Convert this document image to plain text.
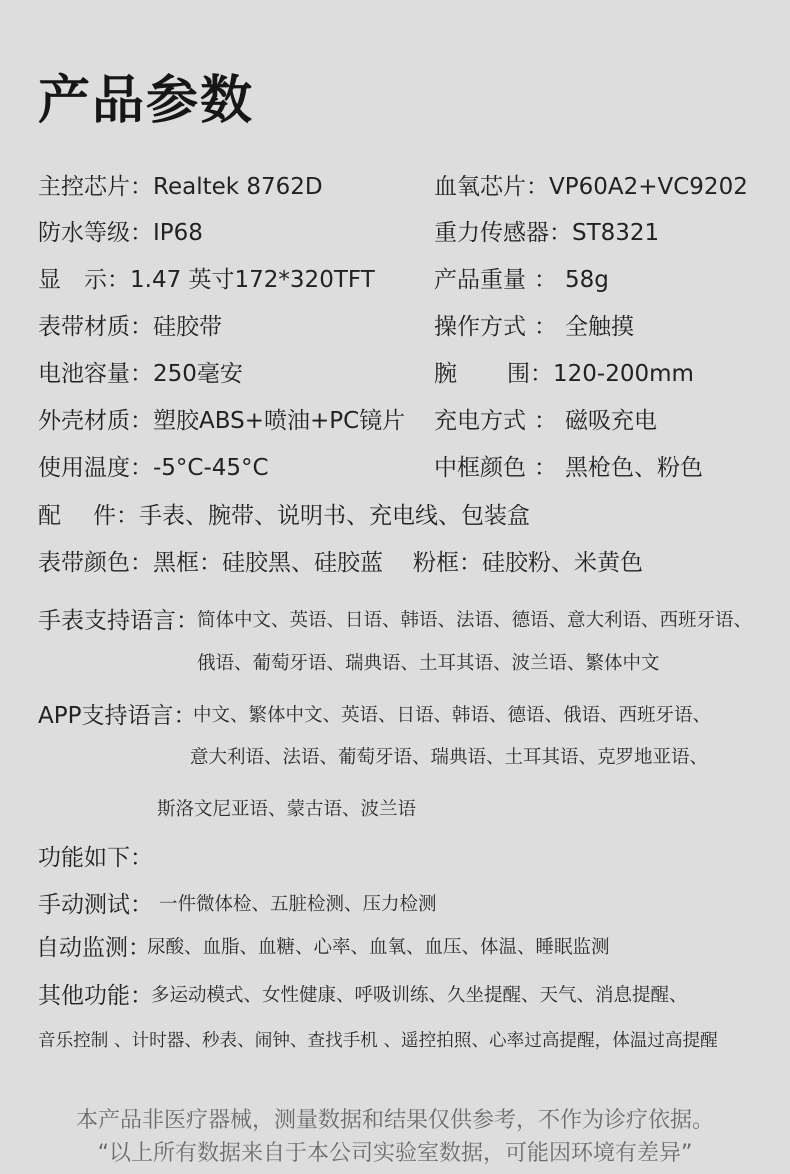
产品参数
主控芯片：Realtek 8762D	血氧芯片：VP60A2+VC9202
防水等级：IP68	重力传感器：ST8321
显 示：1.47 英寸172*320TFT	产品重量 ： 58g
表带材质：硅胶带	操作方式 ： 全触摸
电池容量：250毫安	腕 围：120-200mm
外壳材质：塑胶ABS+喷油+PC镜片 充电方式 ： 磁吸充电
使用温度：-5°C-45°C	中框颜色 ： 黑枪色、粉色
配 件：手表、腕带、说明书、充电线、包装盒
表带颜色：黑框：硅胶黑、硅胶蓝 粉框：硅胶粉、米黄色
手表支持语言：
简体中文、英语、日语、韩语、法语、德语、意大利语、西班牙语、
俄语、葡萄牙语、瑞典语、土耳其语、波兰语、繁体中文
APP支持语言：
中文、繁体中文、英语、日语、韩语、德语、俄语、西班牙语、
意大利语、法语、葡萄牙语、瑞典语、土耳其语、克罗地亚语、
斯洛文尼亚语、蒙古语、波兰语
功能如下：
手动测试： 一件微体检、五脏检测、压力检测
自动监测：
尿酸、血脂、血糖、心率、血氧、血压、体温、睡眠监测
其他功能：
多运动模式、女性健康、呼吸训练、久坐提醒、天气、消息提醒、
音乐控制 、计时器、秒表、闹钟、查找手机 、遥控拍照、心率过高提醒，体温过高提醒
本产品非医疗器械，测量数据和结果仅供参考，不作为诊疗依据。
“以上所有数据来自于本公司实验室数据，可能因环境有差异”
